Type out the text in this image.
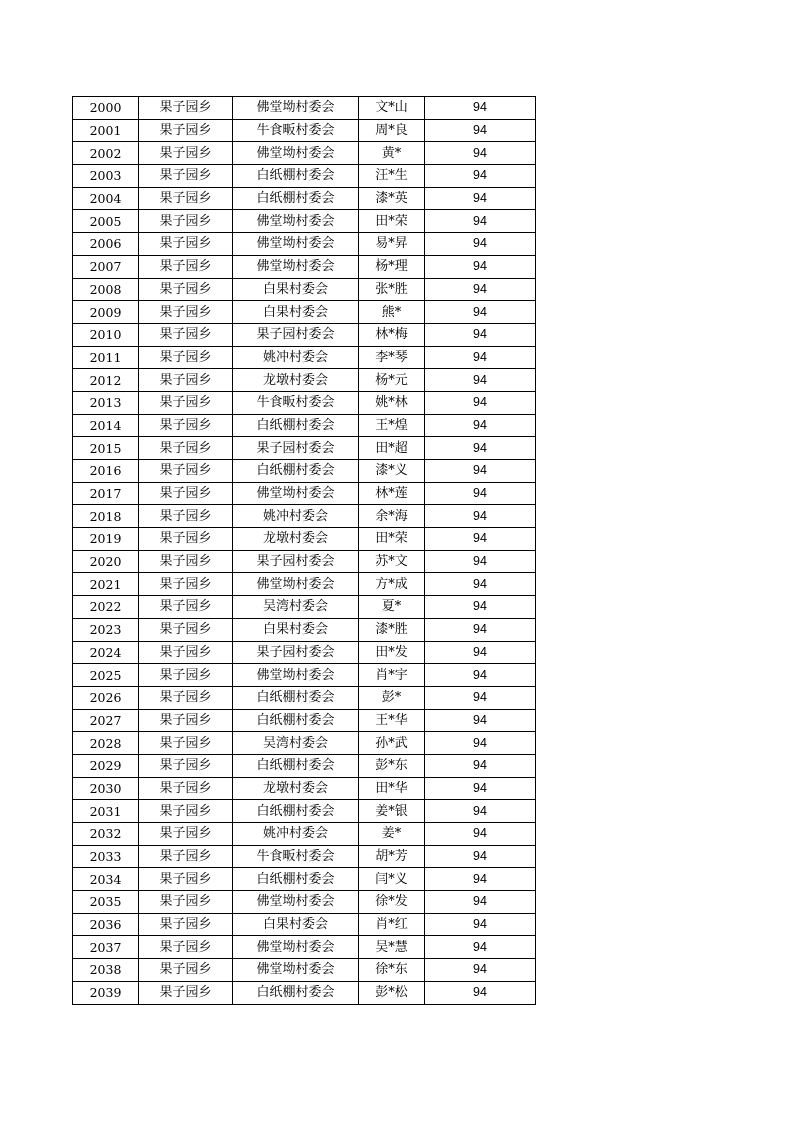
2000	果子园乡	佛堂坳村委会	文*山	94
2001	果子园乡	牛食畈村委会	周*良	94
2002	果子园乡	佛堂坳村委会	黄*	94
2003	果子园乡	白纸棚村委会	汪*生	94
2004	果子园乡	白纸棚村委会	漆*英	94
2005	果子园乡	佛堂坳村委会	田*荣	94
2006	果子园乡	佛堂坳村委会	易*昇	94
2007	果子园乡	佛堂坳村委会	杨*理	94
2008	果子园乡	白果村委会	张*胜	94
2009	果子园乡	白果村委会	熊*	94
2010	果子园乡	果子园村委会	林*梅	94
2011	果子园乡	姚冲村委会	李*琴	94
2012	果子园乡	龙墩村委会	杨*元	94
2013	果子园乡	牛食畈村委会	姚*林	94
2014	果子园乡	白纸棚村委会	王*煌	94
2015	果子园乡	果子园村委会	田*超	94
2016	果子园乡	白纸棚村委会	漆*义	94
2017	果子园乡	佛堂坳村委会	林*莲	94
2018	果子园乡	姚冲村委会	余*海	94
2019	果子园乡	龙墩村委会	田*荣	94
2020	果子园乡	果子园村委会	苏*文	94
2021	果子园乡	佛堂坳村委会	方*成	94
2022	果子园乡	吴湾村委会	夏*	94
2023	果子园乡	白果村委会	漆*胜	94
2024	果子园乡	果子园村委会	田*发	94
2025	果子园乡	佛堂坳村委会	肖*宇	94
2026	果子园乡	白纸棚村委会	彭*	94
2027	果子园乡	白纸棚村委会	王*华	94
2028	果子园乡	吴湾村委会	孙*武	94
2029	果子园乡	白纸棚村委会	彭*东	94
2030	果子园乡	龙墩村委会	田*华	94
2031	果子园乡	白纸棚村委会	姜*银	94
2032	果子园乡	姚冲村委会	姜*	94
2033	果子园乡	牛食畈村委会	胡*芳	94
2034	果子园乡	白纸棚村委会	闫*义	94
2035	果子园乡	佛堂坳村委会	徐*发	94
2036	果子园乡	白果村委会	肖*红	94
2037	果子园乡	佛堂坳村委会	吴*慧	94
2038	果子园乡	佛堂坳村委会	徐*东	94
2039	果子园乡	白纸棚村委会	彭*松	94
